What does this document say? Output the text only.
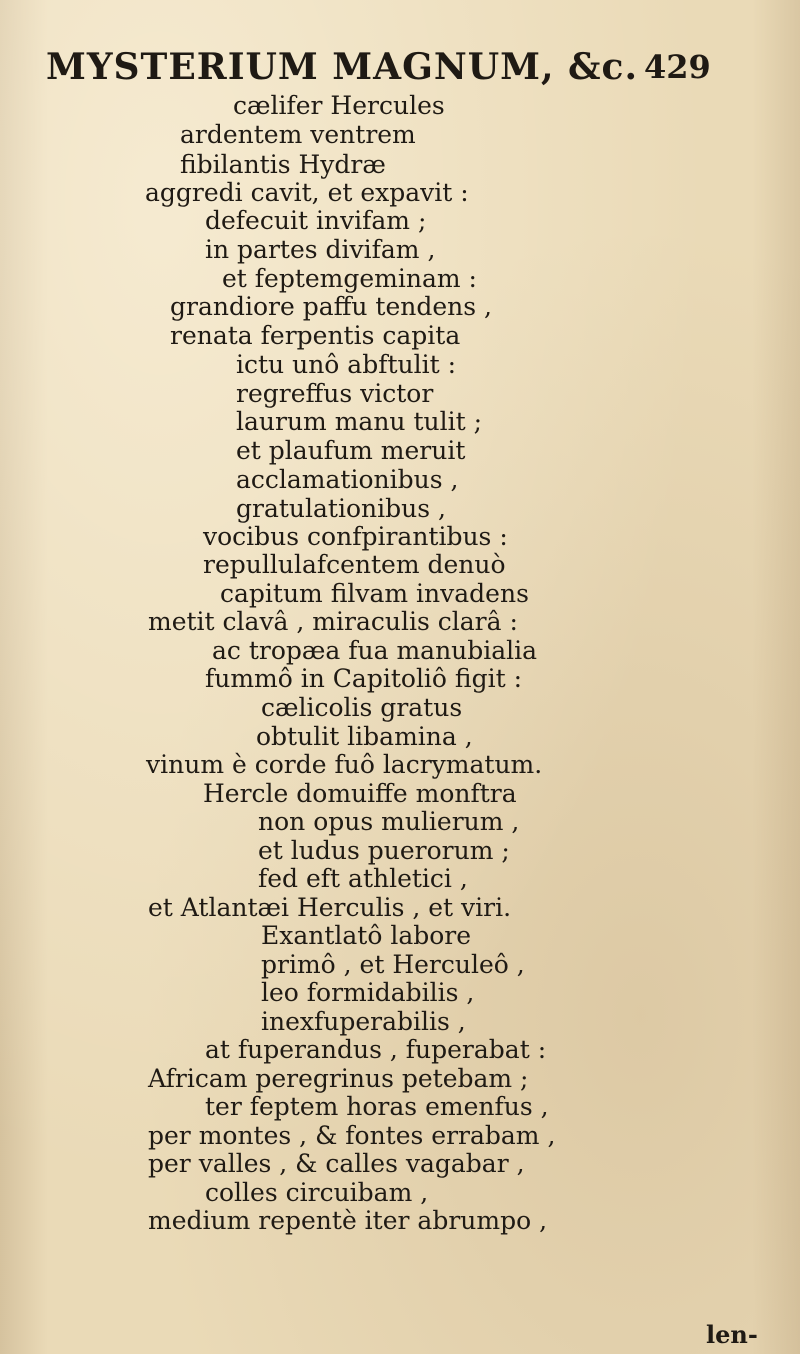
MYSTERIUM MAGNUM, &c. 429
cælifer Hercules
ardentem ventrem
fibilantis Hydræ
aggredi cavit, et expavit :
defecuit invifam ;
in partes divifam ,
et feptemgeminam :
grandiore paffu tendens ,
renata ferpentis capita
ictu unô abftulit :
regreffus victor
laurum manu tulit ;
et plaufum meruit
acclamationibus ,
gratulationibus ,
vocibus confpirantibus :
repullulafcentem denuò
capitum filvam invadens
metit clavâ , miraculis clarâ :
ac tropæa fua manubialia
fummô in Capitoliô figit :
cælicolis gratus
obtulit libamina ,
vinum è corde fuô lacrymatum.
Hercle domuiffe monftra
non opus mulierum ,
et ludus puerorum ;
fed eft athletici ,
et Atlantæi Herculis , et viri.
Exantlatô labore
primô , et Herculeô ,
leo formidabilis ,
inexfuperabilis ,
at fuperandus , fuperabat :
Africam peregrinus petebam ;
ter feptem horas emenfus ,
per montes , & fontes errabam ,
per valles , & calles vagabar ,
colles circuibam ,
medium repentè iter abrumpo ,
len-
